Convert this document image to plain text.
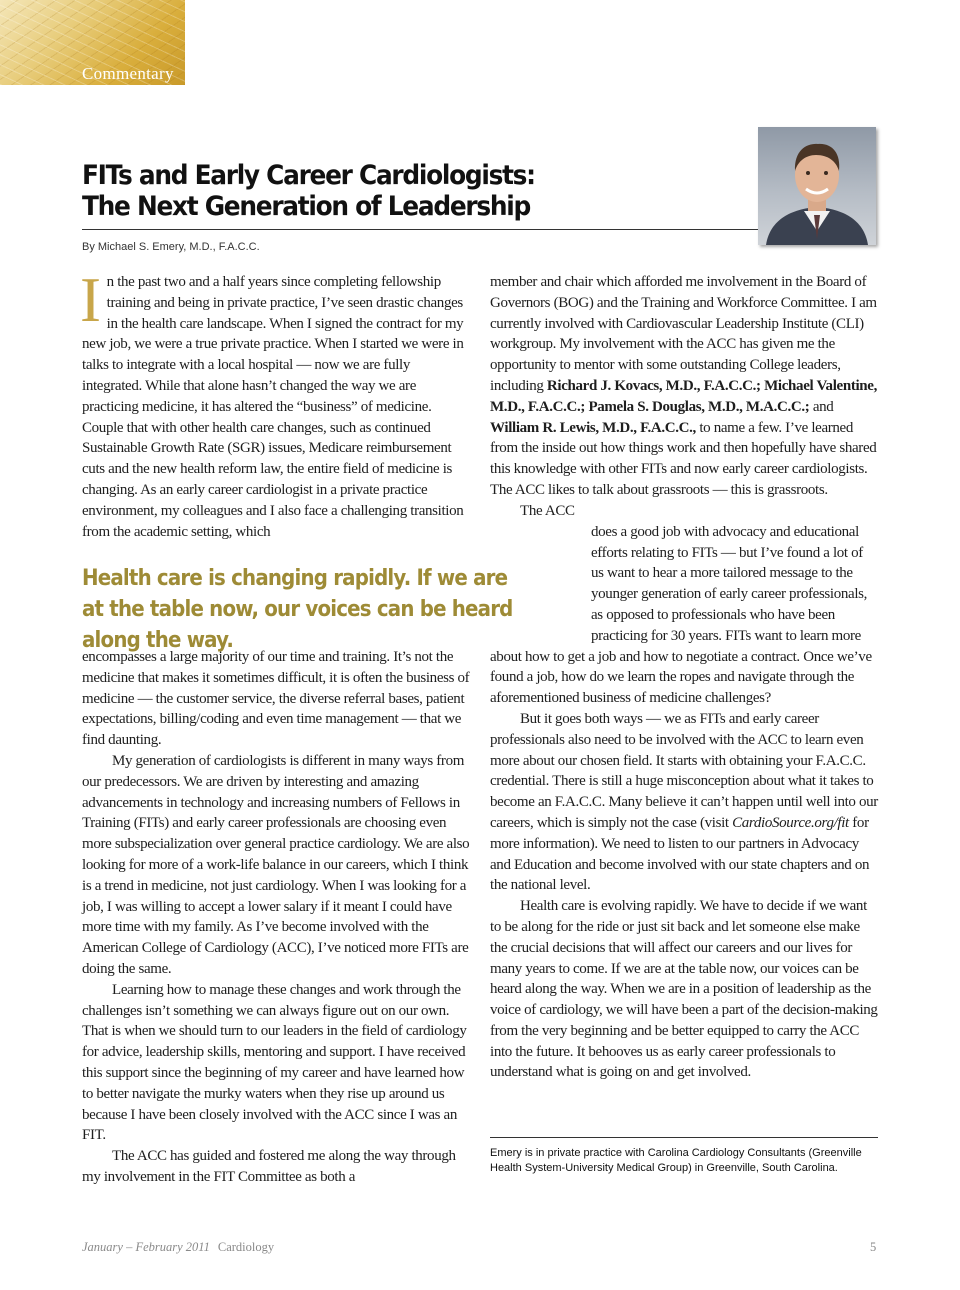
Commentary
FITs and Early Career Cardiologists:
The Next Generation of Leadership
By Michael S. Emery, M.D., F.A.C.C.

In the past two and a half years since completing fellowship training and being in private practice, I’ve seen drastic changes in the health care landscape. When I signed the contract for my new job, we were a true private practice. When I started we were in talks to integrate with a local hospital — now we are fully integrated. While that alone hasn’t changed the way we are practicing medicine, it has altered the “business” of medicine. Couple that with other health care changes, such as continued Sustainable Growth Rate (SGR) issues, Medicare reimbursement cuts and the new health reform law, the entire field of medicine is changing. As an early career cardiologist in a private practice environment, my colleagues and I also face a challenging transition from the academic setting, which

Health care is changing rapidly. If we are at the table now, our voices can be heard along the way.

encompasses a large majority of our time and training. It’s not the medicine that makes it sometimes difficult, it is often the business of medicine — the customer service, the diverse referral bases, patient expectations, billing/coding and even time management — that we find daunting.

My generation of cardiologists is different in many ways from our predecessors. We are driven by interesting and amazing advancements in technology and increasing numbers of Fellows in Training (FITs) and early career professionals are choosing even more subspecialization over general practice cardiology. We are also looking for more of a work-life balance in our careers, which I think is a trend in medicine, not just cardiology. When I was looking for a job, I was willing to accept a lower salary if it meant I could have more time with my family. As I’ve become involved with the American College of Cardiology (ACC), I’ve noticed more FITs are doing the same.

Learning how to manage these changes and work through the challenges isn’t something we can always figure out on our own. That is when we should turn to our leaders in the field of cardiology for advice, leadership skills, mentoring and support. I have received this support since the beginning of my career and have learned how to better navigate the murky waters when they rise up around us because I have been closely involved with the ACC since I was an FIT.

The ACC has guided and fostered me along the way through my involvement in the FIT Committee as both a

member and chair which afforded me involvement in the Board of Governors (BOG) and the Training and Workforce Committee. I am currently involved with Cardiovascular Leadership Institute (CLI) workgroup. My involvement with the ACC has given me the opportunity to mentor with some outstanding College leaders, including Richard J. Kovacs, M.D., F.A.C.C.; Michael Valentine, M.D., F.A.C.C.; Pamela S. Douglas, M.D., M.A.C.C.; and William R. Lewis, M.D., F.A.C.C., to name a few. I’ve learned from the inside out how things work and then hopefully have shared this knowledge with other FITs and now early career cardiologists. The ACC likes to talk about grassroots — this is grassroots.

The ACC does a good job with advocacy and educational efforts relating to FITs — but I’ve found a lot of us want to hear a more tailored message to the younger generation of early career professionals, as opposed to professionals who have been practicing for 30 years. FITs want to learn more about how to get a job and how to negotiate a contract. Once we’ve found a job, how do we learn the ropes and navigate through the aforementioned business of medicine challenges?

But it goes both ways — we as FITs and early career professionals also need to be involved with the ACC to learn even more about our chosen field. It starts with obtaining your F.A.C.C. credential. There is still a huge misconception about what it takes to become an F.A.C.C. Many believe it can’t happen until well into our careers, which is simply not the case (visit CardioSource.org/fit for more information). We need to listen to our partners in Advocacy and Education and become involved with our state chapters and on the national level.

Health care is evolving rapidly. We have to decide if we want to be along for the ride or just sit back and let someone else make the crucial decisions that will affect our careers and our lives for many years to come. If we are at the table now, our voices can be heard along the way. When we are in a position of leadership as the voice of cardiology, we will have been a part of the decision-making from the very beginning and be better equipped to carry the ACC into the future. It behooves us as early career professionals to understand what is going on and get involved.

Emery is in private practice with Carolina Cardiology Consultants (Greenville Health System-University Medical Group) in Greenville, South Carolina.

January – February 2011 Cardiology	5
